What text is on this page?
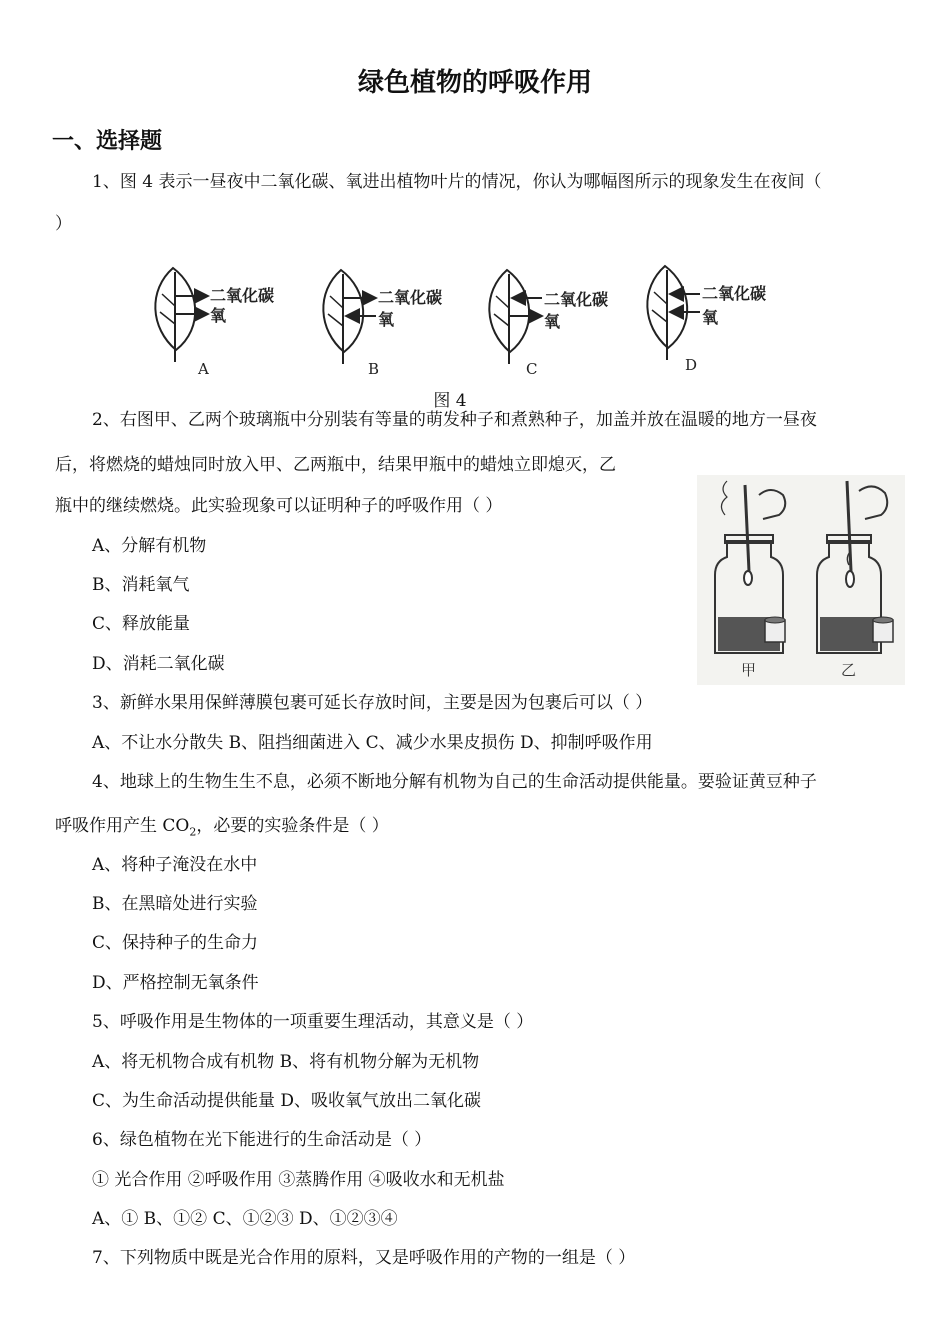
绿色植物的呼吸作用
一、选择题
1、图 4 表示一昼夜中二氧化碳、氧进出植物叶片的情况，你认为哪幅图所示的现象发生在夜间（
）
二氧化碳
氧
二氧化碳
氧
二氧化碳
氧
二氧化碳
氧
A	B	C	D
图 4
2、右图甲、乙两个玻璃瓶中分别装有等量的萌发种子和煮熟种子，加盖并放在温暖的地方一昼夜
后，将燃烧的蜡烛同时放入甲、乙两瓶中，结果甲瓶中的蜡烛立即熄灭，乙
瓶中的继续燃烧。此实验现象可以证明种子的呼吸作用（ ）
A、分解有机物
B、消耗氧气
C、释放能量
D、消耗二氧化碳	甲	乙
3、新鲜水果用保鲜薄膜包裹可延长存放时间，主要是因为包裹后可以（ ）
A、不让水分散失 B、阻挡细菌进入 C、减少水果皮损伤 D、抑制呼吸作用
4、地球上的生物生生不息，必须不断地分解有机物为自己的生命活动提供能量。要验证黄豆种子
呼吸作用产生 $CO_2$，必要的实验条件是（ ）
A、将种子淹没在水中
B、在黑暗处进行实验
C、保持种子的生命力
D、严格控制无氧条件
5、呼吸作用是生物体的一项重要生理活动，其意义是（ ）
A、将无机物合成有机物 B、将有机物分解为无机物
C、为生命活动提供能量 D、吸收氧气放出二氧化碳
6、绿色植物在光下能进行的生命活动是（ ）
① 光合作用 ②呼吸作用 ③蒸腾作用 ④吸收水和无机盐
A、① B、①② C、①②③ D、①②③④
7、下列物质中既是光合作用的原料，又是呼吸作用的产物的一组是（ ）
